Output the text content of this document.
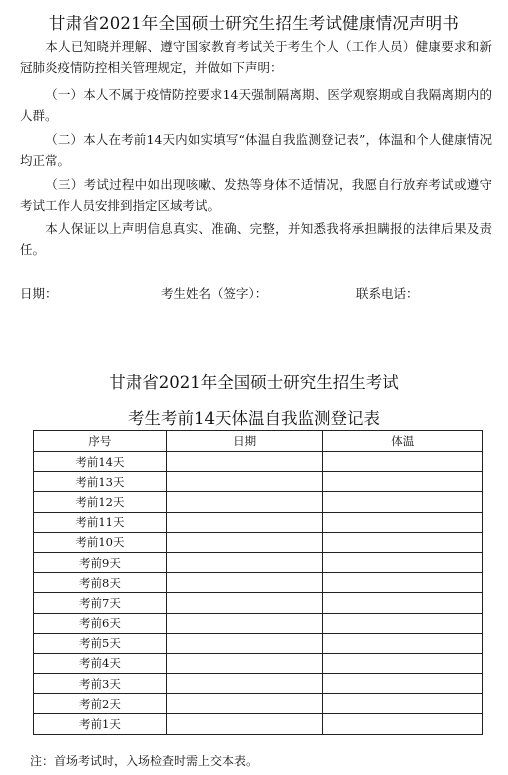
甘肃省2021年全国硕士研究生招生考试健康情况声明书

本人已知晓并理解、遵守国家教育考试关于考生个人（工作人员）健康要求和新冠肺炎疫情防控相关管理规定，并做如下声明：

（一）本人不属于疫情防控要求14天强制隔离期、医学观察期或自我隔离期内的人群。

（二）本人在考前14天内如实填写“体温自我监测登记表”，体温和个人健康情况均正常。

（三）考试过程中如出现咳嗽、发热等身体不适情况，我愿自行放弃考试或遵守考试工作人员安排到指定区域考试。

本人保证以上声明信息真实、准确、完整，并知悉我将承担瞒报的法律后果及责任。

日期：	考生姓名（签字）：	联系电话：
甘肃省2021年全国硕士研究生招生考试
考生考前14天体温自我监测登记表
序号	日期	体温
考前14天		
考前13天		
考前12天		
考前11天		
考前10天		
考前9天		
考前8天		
考前7天		
考前6天		
考前5天		
考前4天		
考前3天		
考前2天		
考前1天		
注：首场考试时，入场检查时需上交本表。
